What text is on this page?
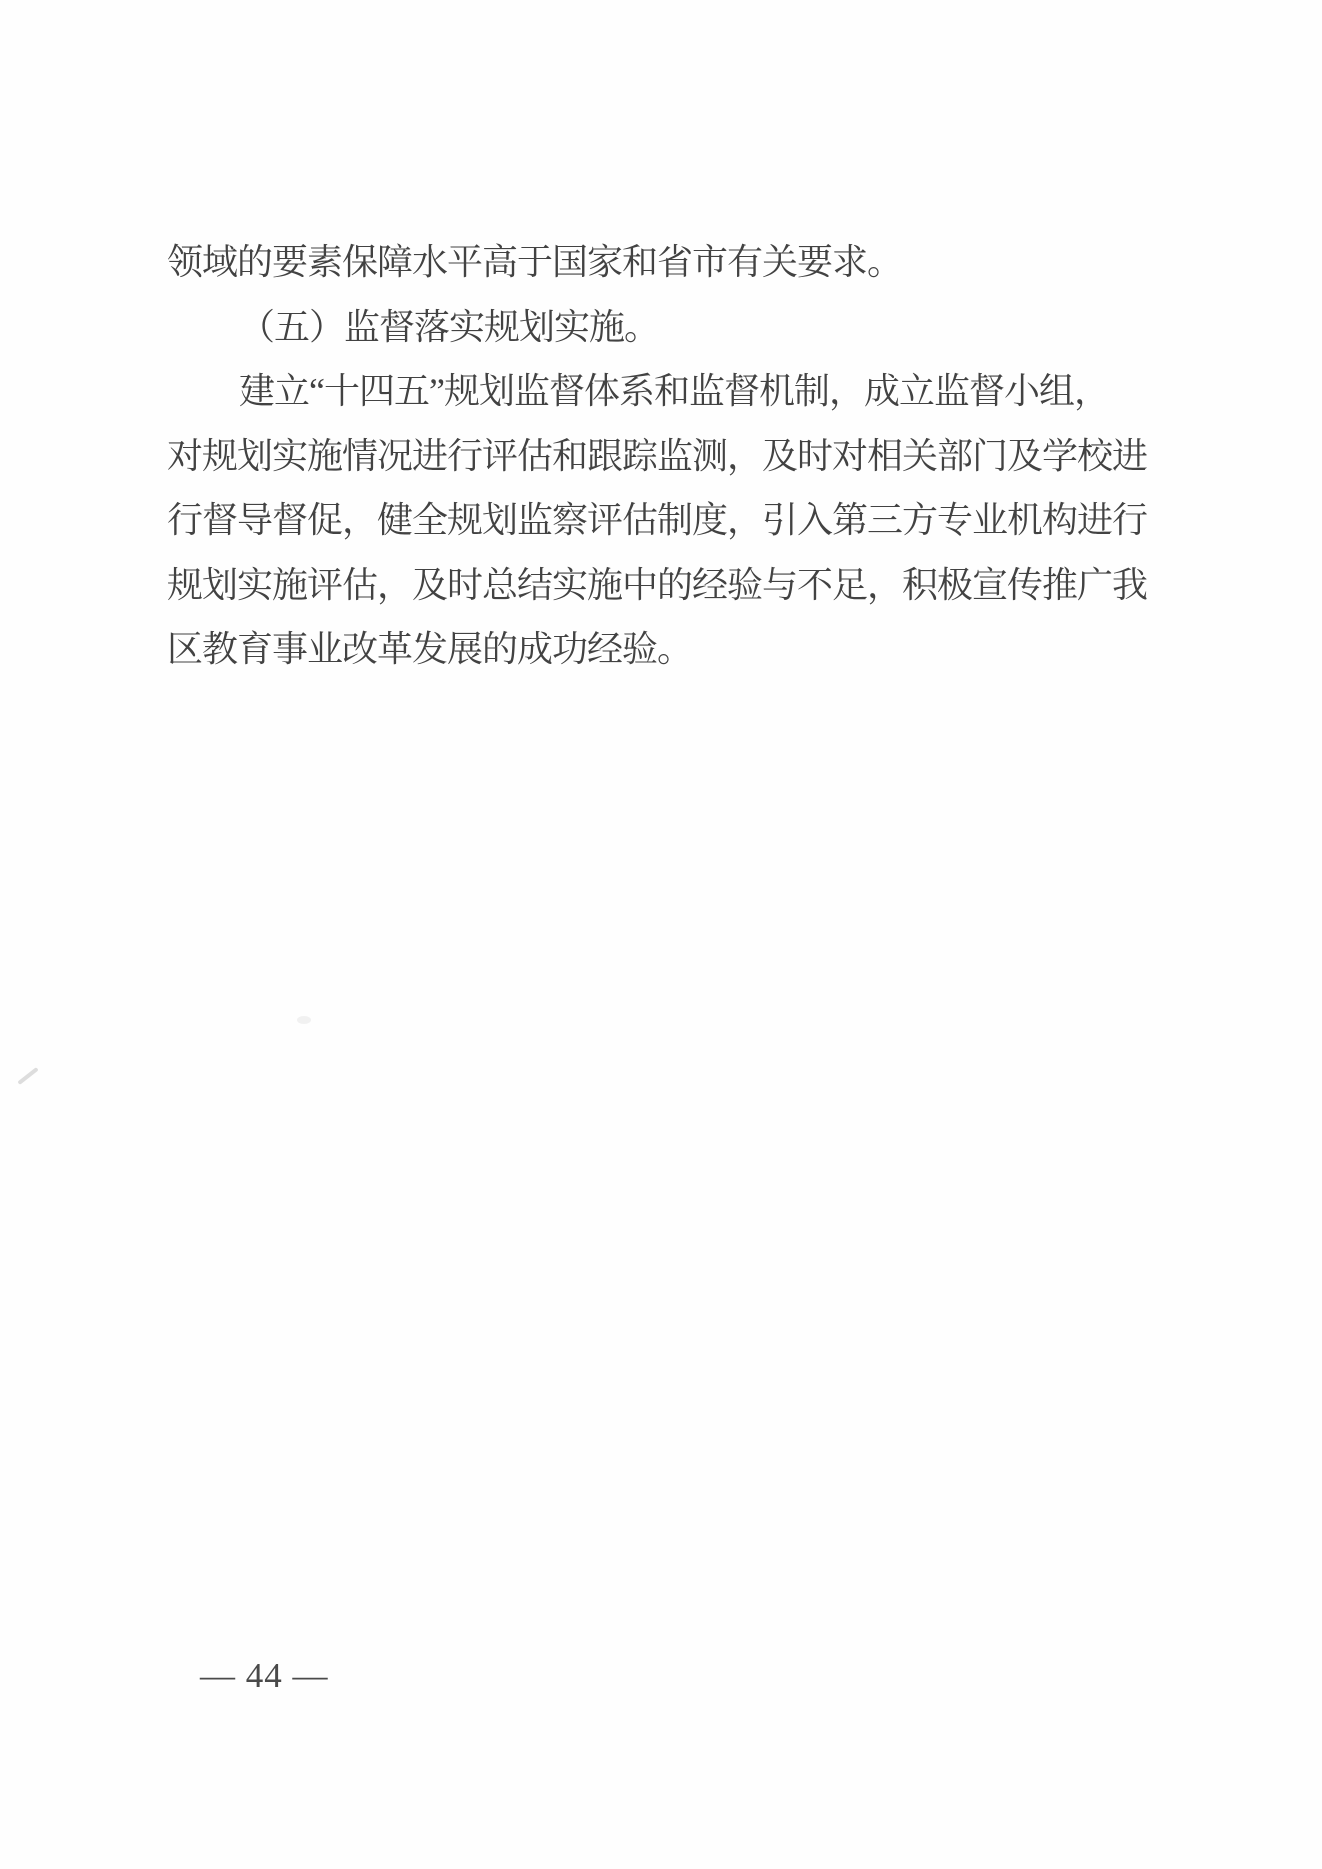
领域的要素保障水平高于国家和省市有关要求。

（五）监督落实规划实施。

建立“十四五”规划监督体系和监督机制，成立监督小组，

对规划实施情况进行评估和跟踪监测，及时对相关部门及学校进

行督导督促，健全规划监察评估制度，引入第三方专业机构进行

规划实施评估，及时总结实施中的经验与不足，积极宣传推广我

区教育事业改革发展的成功经验。

— 44 —
